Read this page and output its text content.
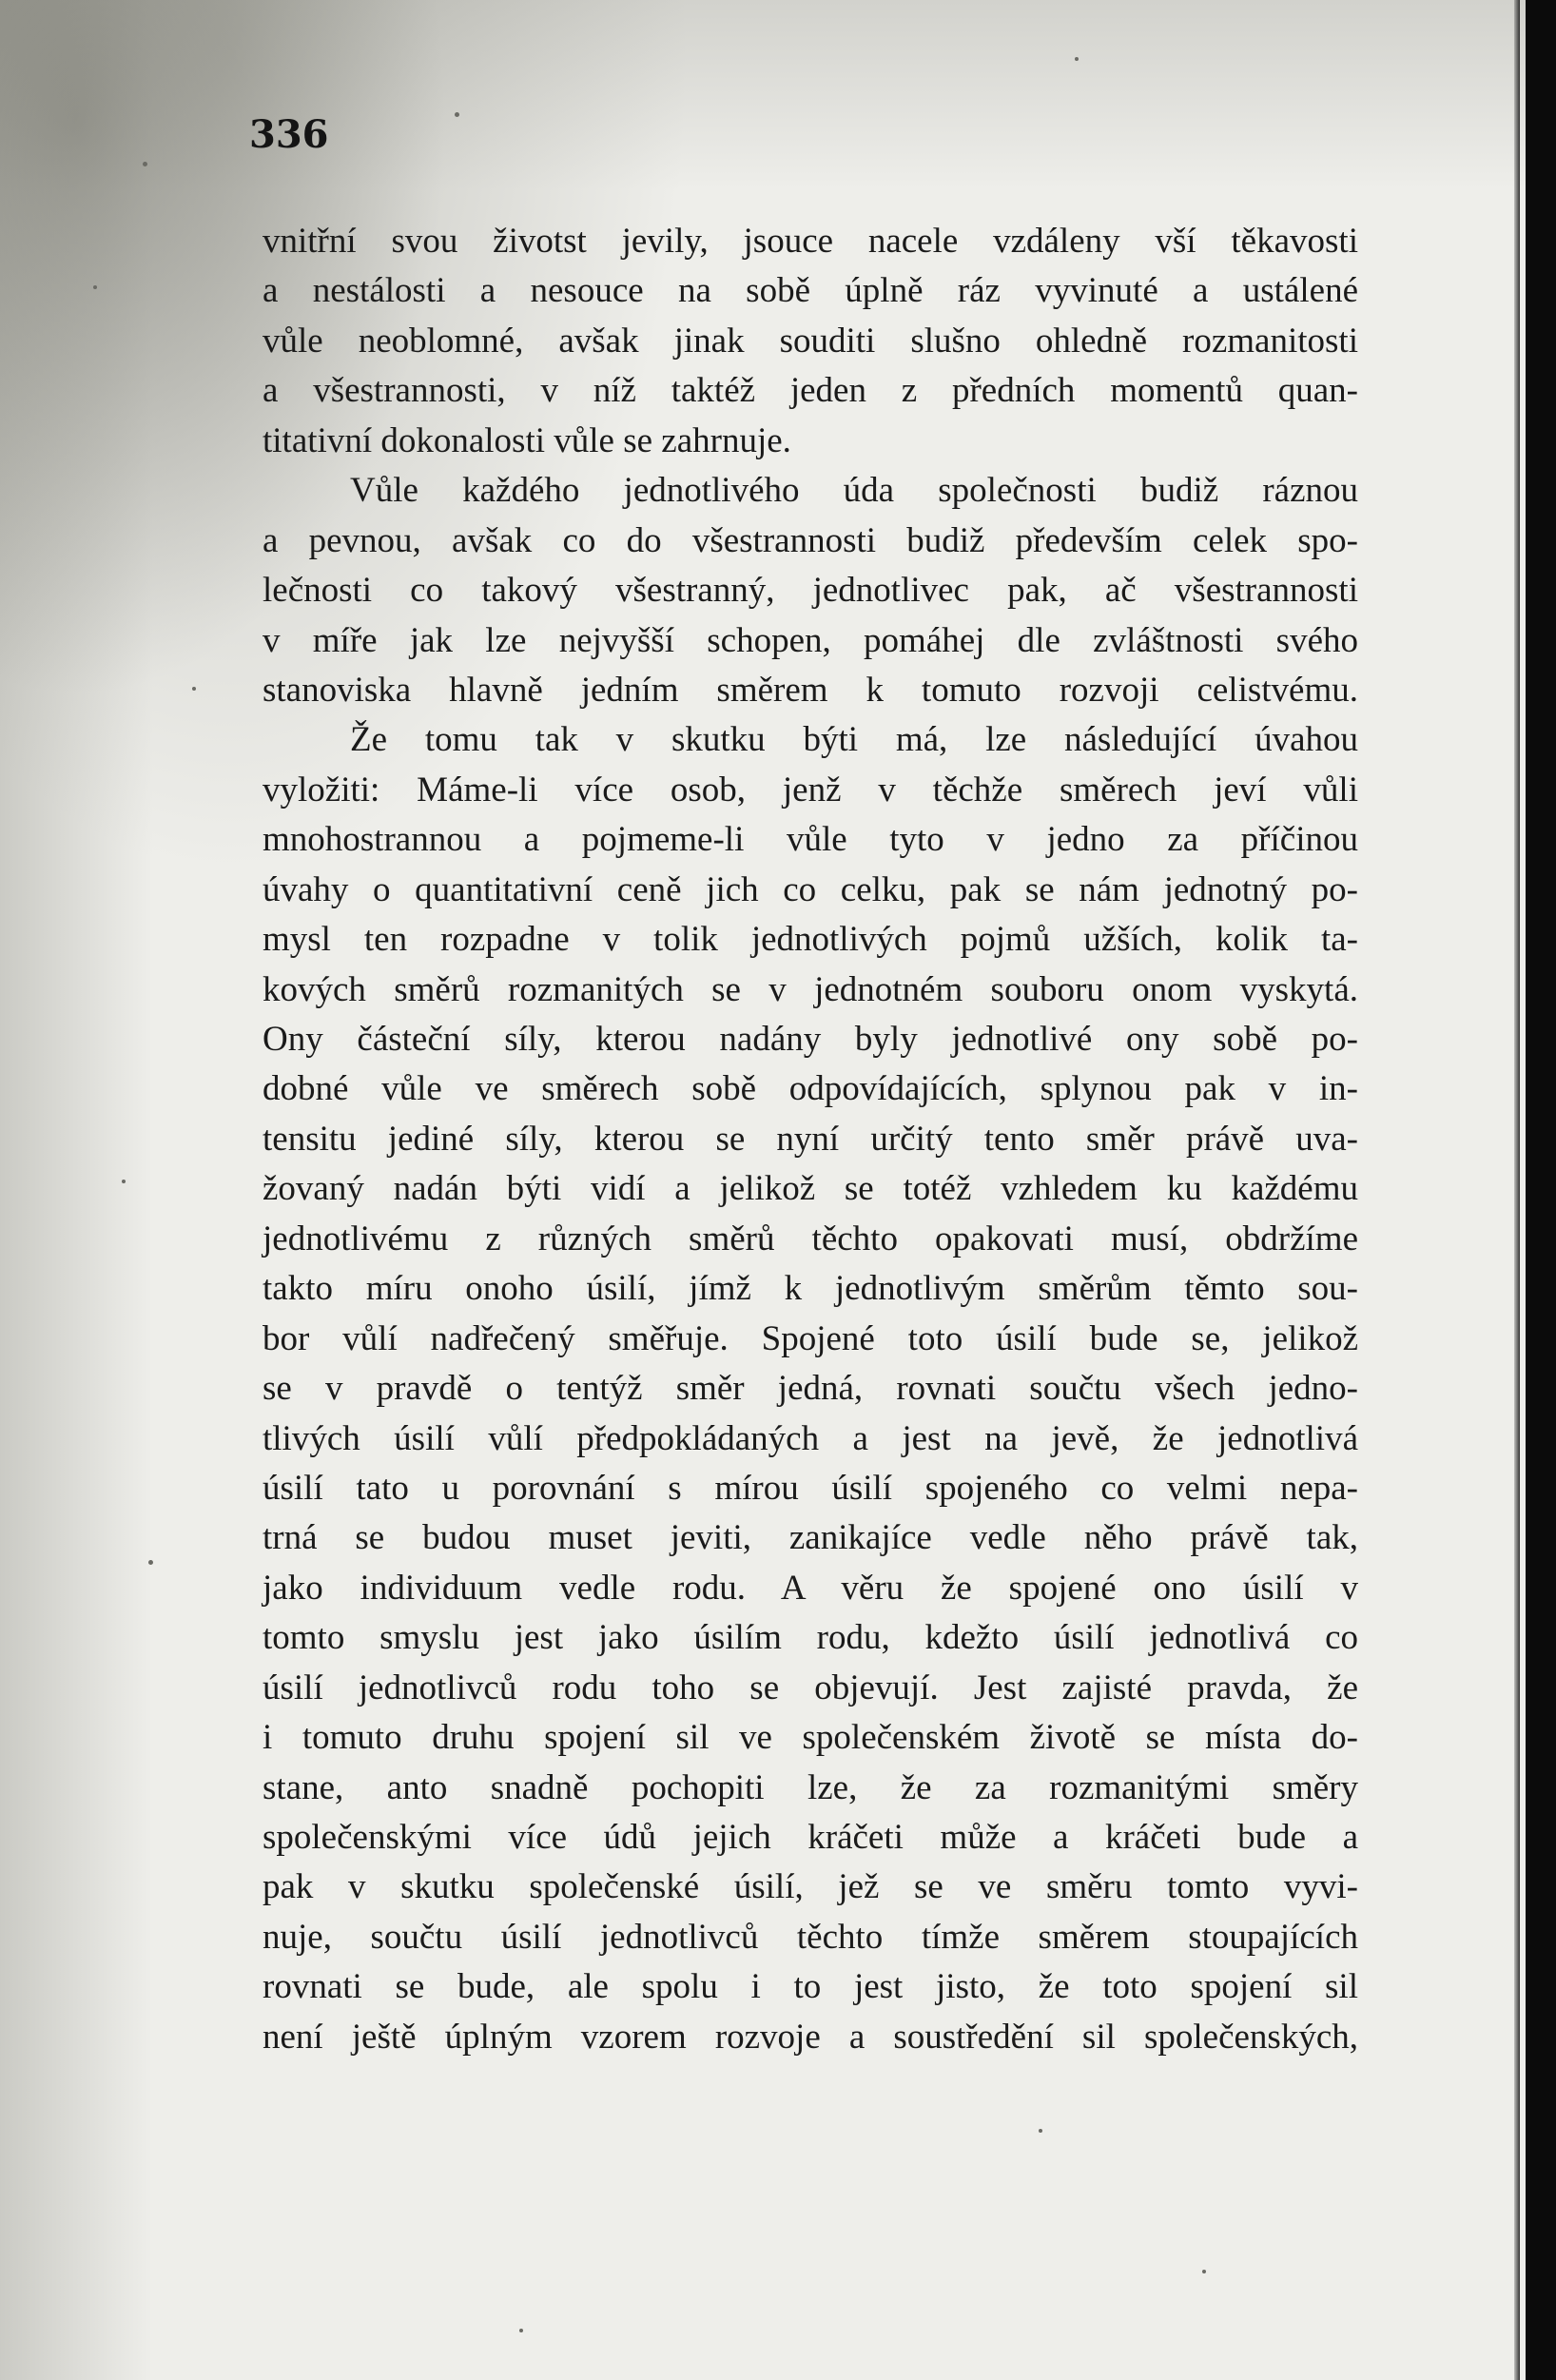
336
vnitřní svou životst jevily, jsouce nacele vzdáleny vší těkavosti
a nestálosti a nesouce na sobě úplně ráz vyvinuté a ustálené
vůle neoblomné, avšak jinak souditi slušno ohledně rozmanitosti
a všestrannosti, v níž taktéž jeden z předních momentů quan-
titativní dokonalosti vůle se zahrnuje.
Vůle každého jednotlivého úda společnosti budiž ráznou
a pevnou, avšak co do všestrannosti budiž především celek spo-
lečnosti co takový všestranný, jednotlivec pak, ač všestrannosti
v míře jak lze nejvyšší schopen, pomáhej dle zvláštnosti svého
stanoviska hlavně jedním směrem k tomuto rozvoji celistvému.
Že tomu tak v skutku býti má, lze následující úvahou
vyložiti: Máme-li více osob, jenž v těchže směrech jeví vůli
mnohostrannou a pojmeme-li vůle tyto v jedno za příčinou
úvahy o quantitativní ceně jich co celku, pak se nám jednotný po-
mysl ten rozpadne v tolik jednotlivých pojmů užších, kolik ta-
kových směrů rozmanitých se v jednotném souboru onom vyskytá.
Ony částeční síly, kterou nadány byly jednotlivé ony sobě po-
dobné vůle ve směrech sobě odpovídajících, splynou pak v in-
tensitu jediné síly, kterou se nyní určitý tento směr právě uva-
žovaný nadán býti vidí a jelikož se totéž vzhledem ku každému
jednotlivému z různých směrů těchto opakovati musí, obdržíme
takto míru onoho úsilí, jímž k jednotlivým směrům těmto sou-
bor vůlí nadřečený směřuje. Spojené toto úsilí bude se, jelikož
se v pravdě o tentýž směr jedná, rovnati součtu všech jedno-
tlivých úsilí vůlí předpokládaných a jest na jevě, že jednotlivá
úsilí tato u porovnání s mírou úsilí spojeného co velmi nepa-
trná se budou muset jeviti, zanikajíce vedle něho právě tak,
jako individuum vedle rodu. A věru že spojené ono úsilí v
tomto smyslu jest jako úsilím rodu, kdežto úsilí jednotlivá co
úsilí jednotlivců rodu toho se objevují. Jest zajisté pravda, že
i tomuto druhu spojení sil ve společenském životě se místa do-
stane, anto snadně pochopiti lze, že za rozmanitými směry
společenskými více údů jejich kráčeti může a kráčeti bude a
pak v skutku společenské úsilí, jež se ve směru tomto vyvi-
nuje, součtu úsilí jednotlivců těchto tímže směrem stoupajících
rovnati se bude, ale spolu i to jest jisto, že toto spojení sil
není ještě úplným vzorem rozvoje a soustředění sil společenských,
